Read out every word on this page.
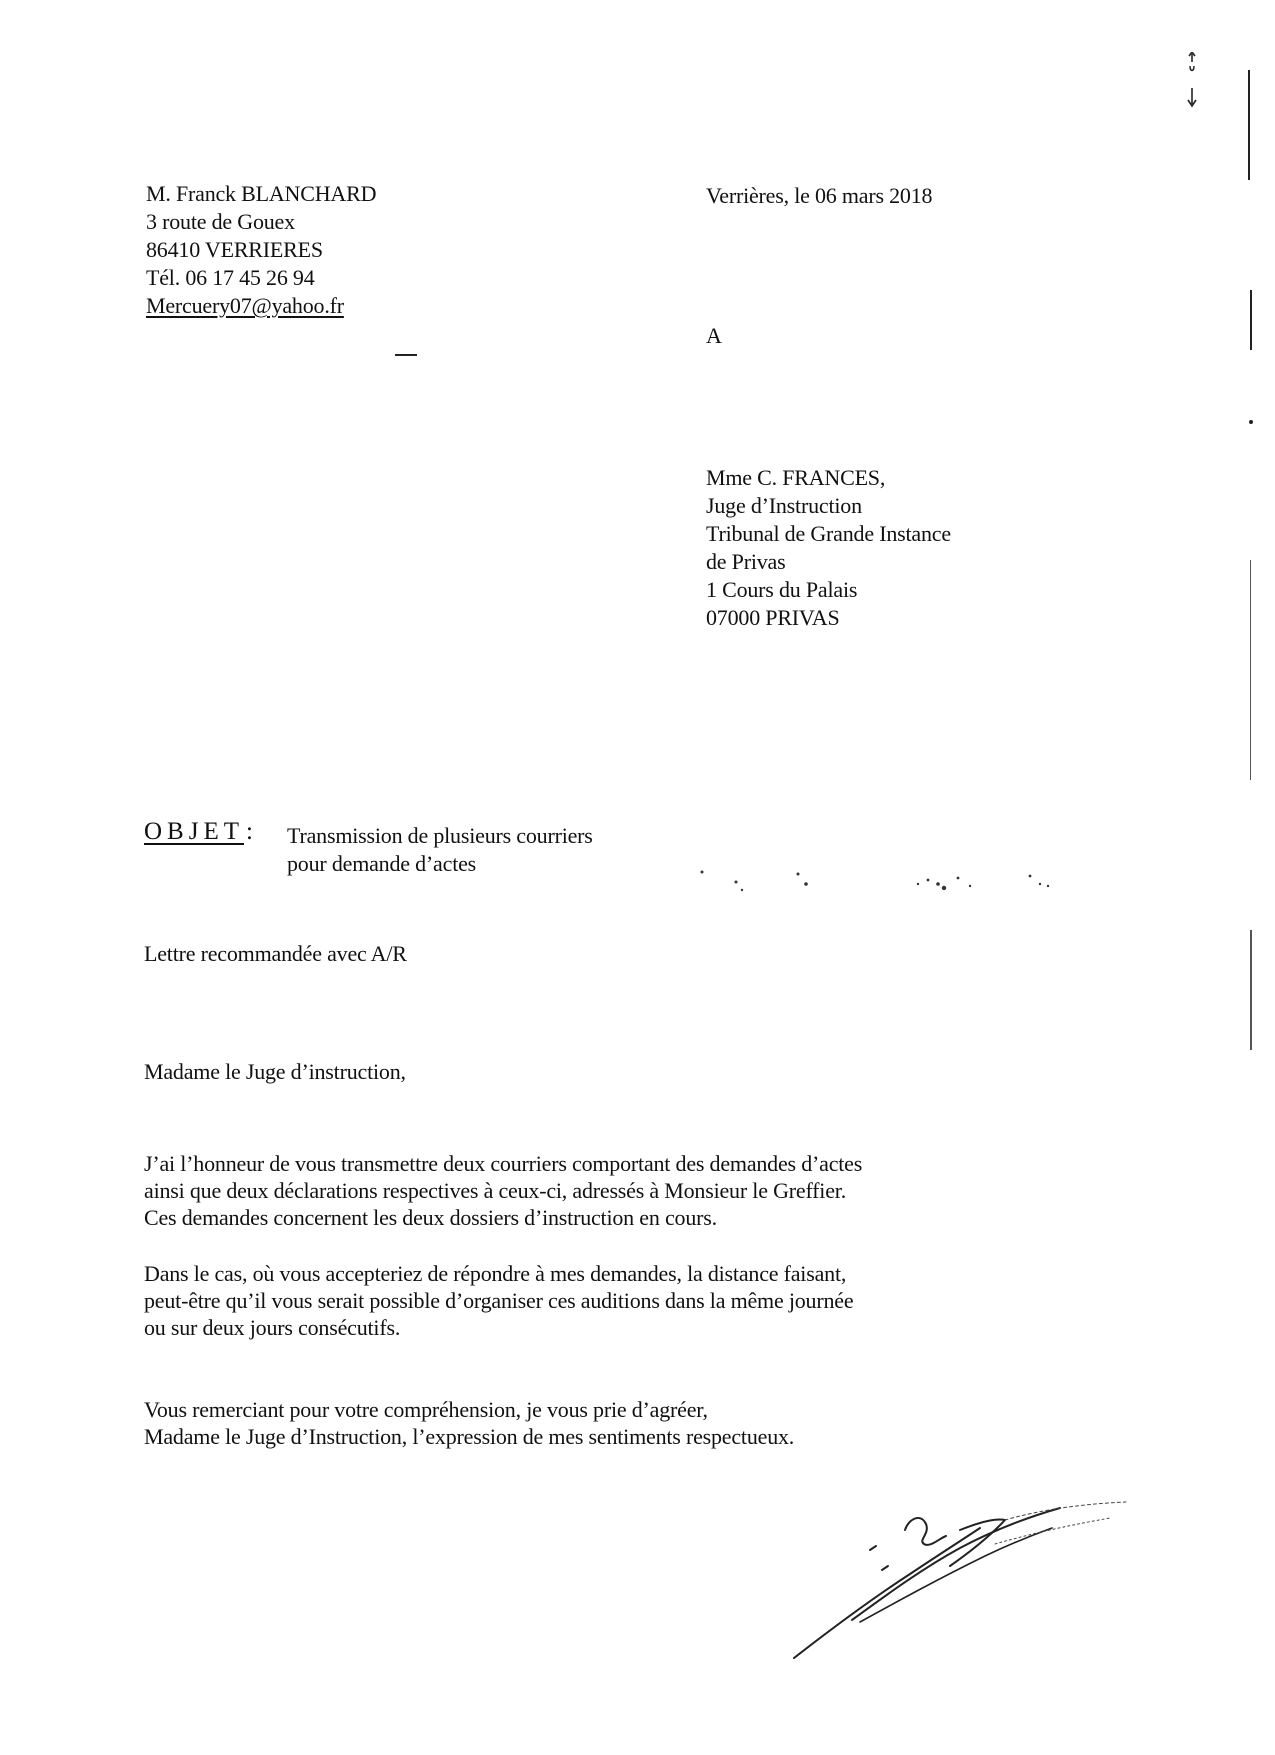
M. Franck BLANCHARD
3 route de Gouex
86410 VERRIERES
Tél. 06 17 45 26 94
Mercuery07@yahoo.fr
Verrières, le 06 mars 2018
A
Mme C. FRANCES,
Juge d’Instruction
Tribunal de Grande Instance
de Privas
1 Cours du Palais
07000 PRIVAS
OBJET: Transmission de plusieurs courriers
pour demande d’actes
Lettre recommandée avec A/R
Madame le Juge d’instruction,
J’ai l’honneur de vous transmettre deux courriers comportant des demandes d’actes
ainsi que deux déclarations respectives à ceux-ci, adressés à Monsieur le Greffier.
Ces demandes concernent les deux dossiers d’instruction en cours.
Dans le cas, où vous accepteriez de répondre à mes demandes, la distance faisant,
peut-être qu’il vous serait possible d’organiser ces auditions dans la même journée
ou sur deux jours consécutifs.
Vous remerciant pour votre compréhension, je vous prie d’agréer,
Madame le Juge d’Instruction, l’expression de mes sentiments respectueux.
